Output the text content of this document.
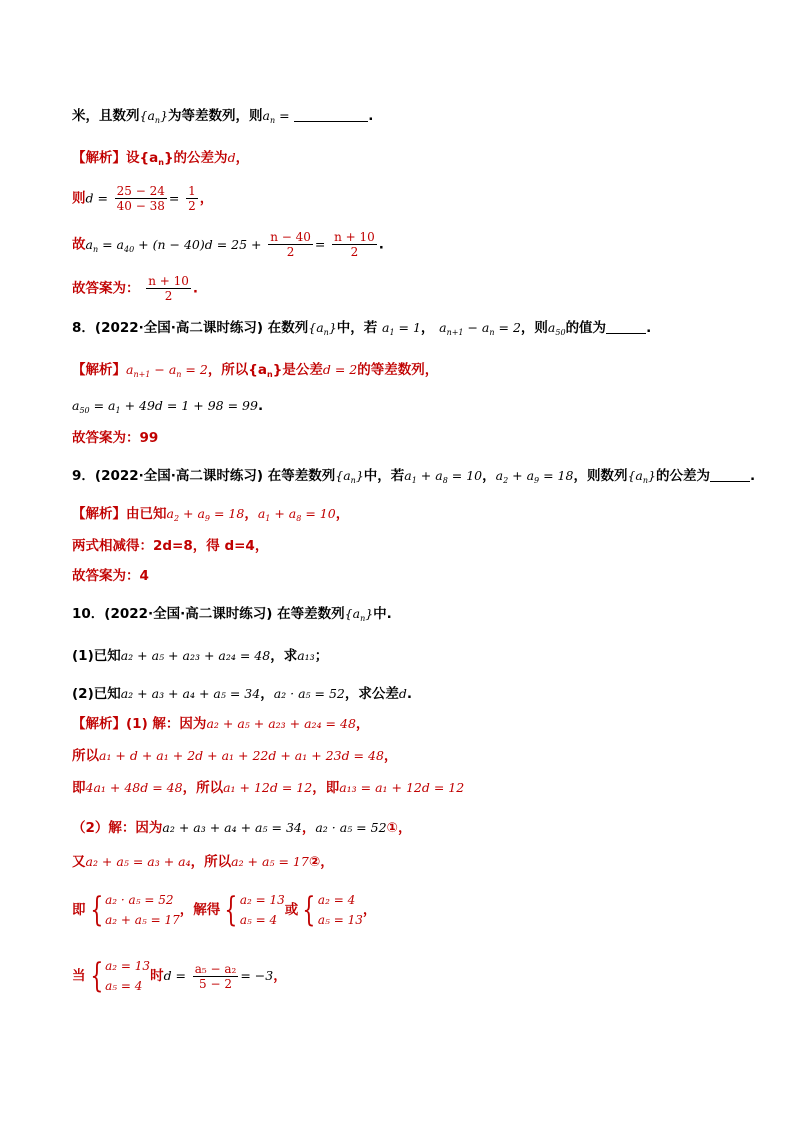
米，且数列$\{a_n\}$为等差数列，则$a_n$ =	.
【解析】设$\{a_n\}$的公差为d，
则$d = \frac{25 - 24}{40 - 38} = \frac{1}{2}$ ，
故$a_n = a_{40} + (n - 40)d = 25 + \frac{n - 40}{2} = \frac{n + 10}{2}$ .
故答案为： $\frac{n + 10}{2}$ .
8．(2022·全国·高二课时练习) 在数列$\{a_n\}$中，若 $a_1 = 1$， $a_{n+1} - a_n = 2$，则$a_{50}$的值为	.
【解析】$a_{n+1} - a_n = 2$，所以$\{a_n\}$是公差d = 2的等差数列，
$a_{50} = a_1 + 49d = 1 + 98 = 99$.
故答案为：99
9．(2022·全国·高二课时练习) 在等差数列$\{a_n\}$中，若$a_1 + a_8 = 10$，$a_2 + a_9 = 18$，则数列$\{a_n\}$的公差为	.
【解析】由已知$a_2 + a_9 = 18$，$a_1 + a_8 = 10$，
两式相减得：2d=8，得 d=4，
故答案为：4
10．(2022·全国·高二课时练习) 在等差数列$\{a_n\}$中.
(1)已知a₂ + a₅ + a₂₃ + a₂₄ = 48，求a₁₃；
(2)已知a₂ + a₃ + a₄ + a₅ = 34，a₂ · a₅ = 52，求公差d.
【解析】(1) 解：因为a₂ + a₅ + a₂₃ + a₂₄ = 48，
所以a₁ + d + a₁ + 2d + a₁ + 22d + a₁ + 23d = 48，
即4a₁ + 48d = 48，所以a₁ + 12d = 12，即a₁₃ = a₁ + 12d = 12
（2）解：因为a₂ + a₃ + a₄ + a₅ = 34，a₂ · a₅ = 52①，
又a₂ + a₅ = a₃ + a₄，所以a₂ + a₅ = 17②，
即 { a₂ · a₅ = 52
a₂ + a₅ = 17
，解得 { a₂ = 13
a₅ = 4
或 { a₂ = 4
a₅ = 13
，
当 { a₂ = 13
a₅ = 4
时$d = \frac{\text{a₅ − a₂}}{5 - 2} = -3$，
